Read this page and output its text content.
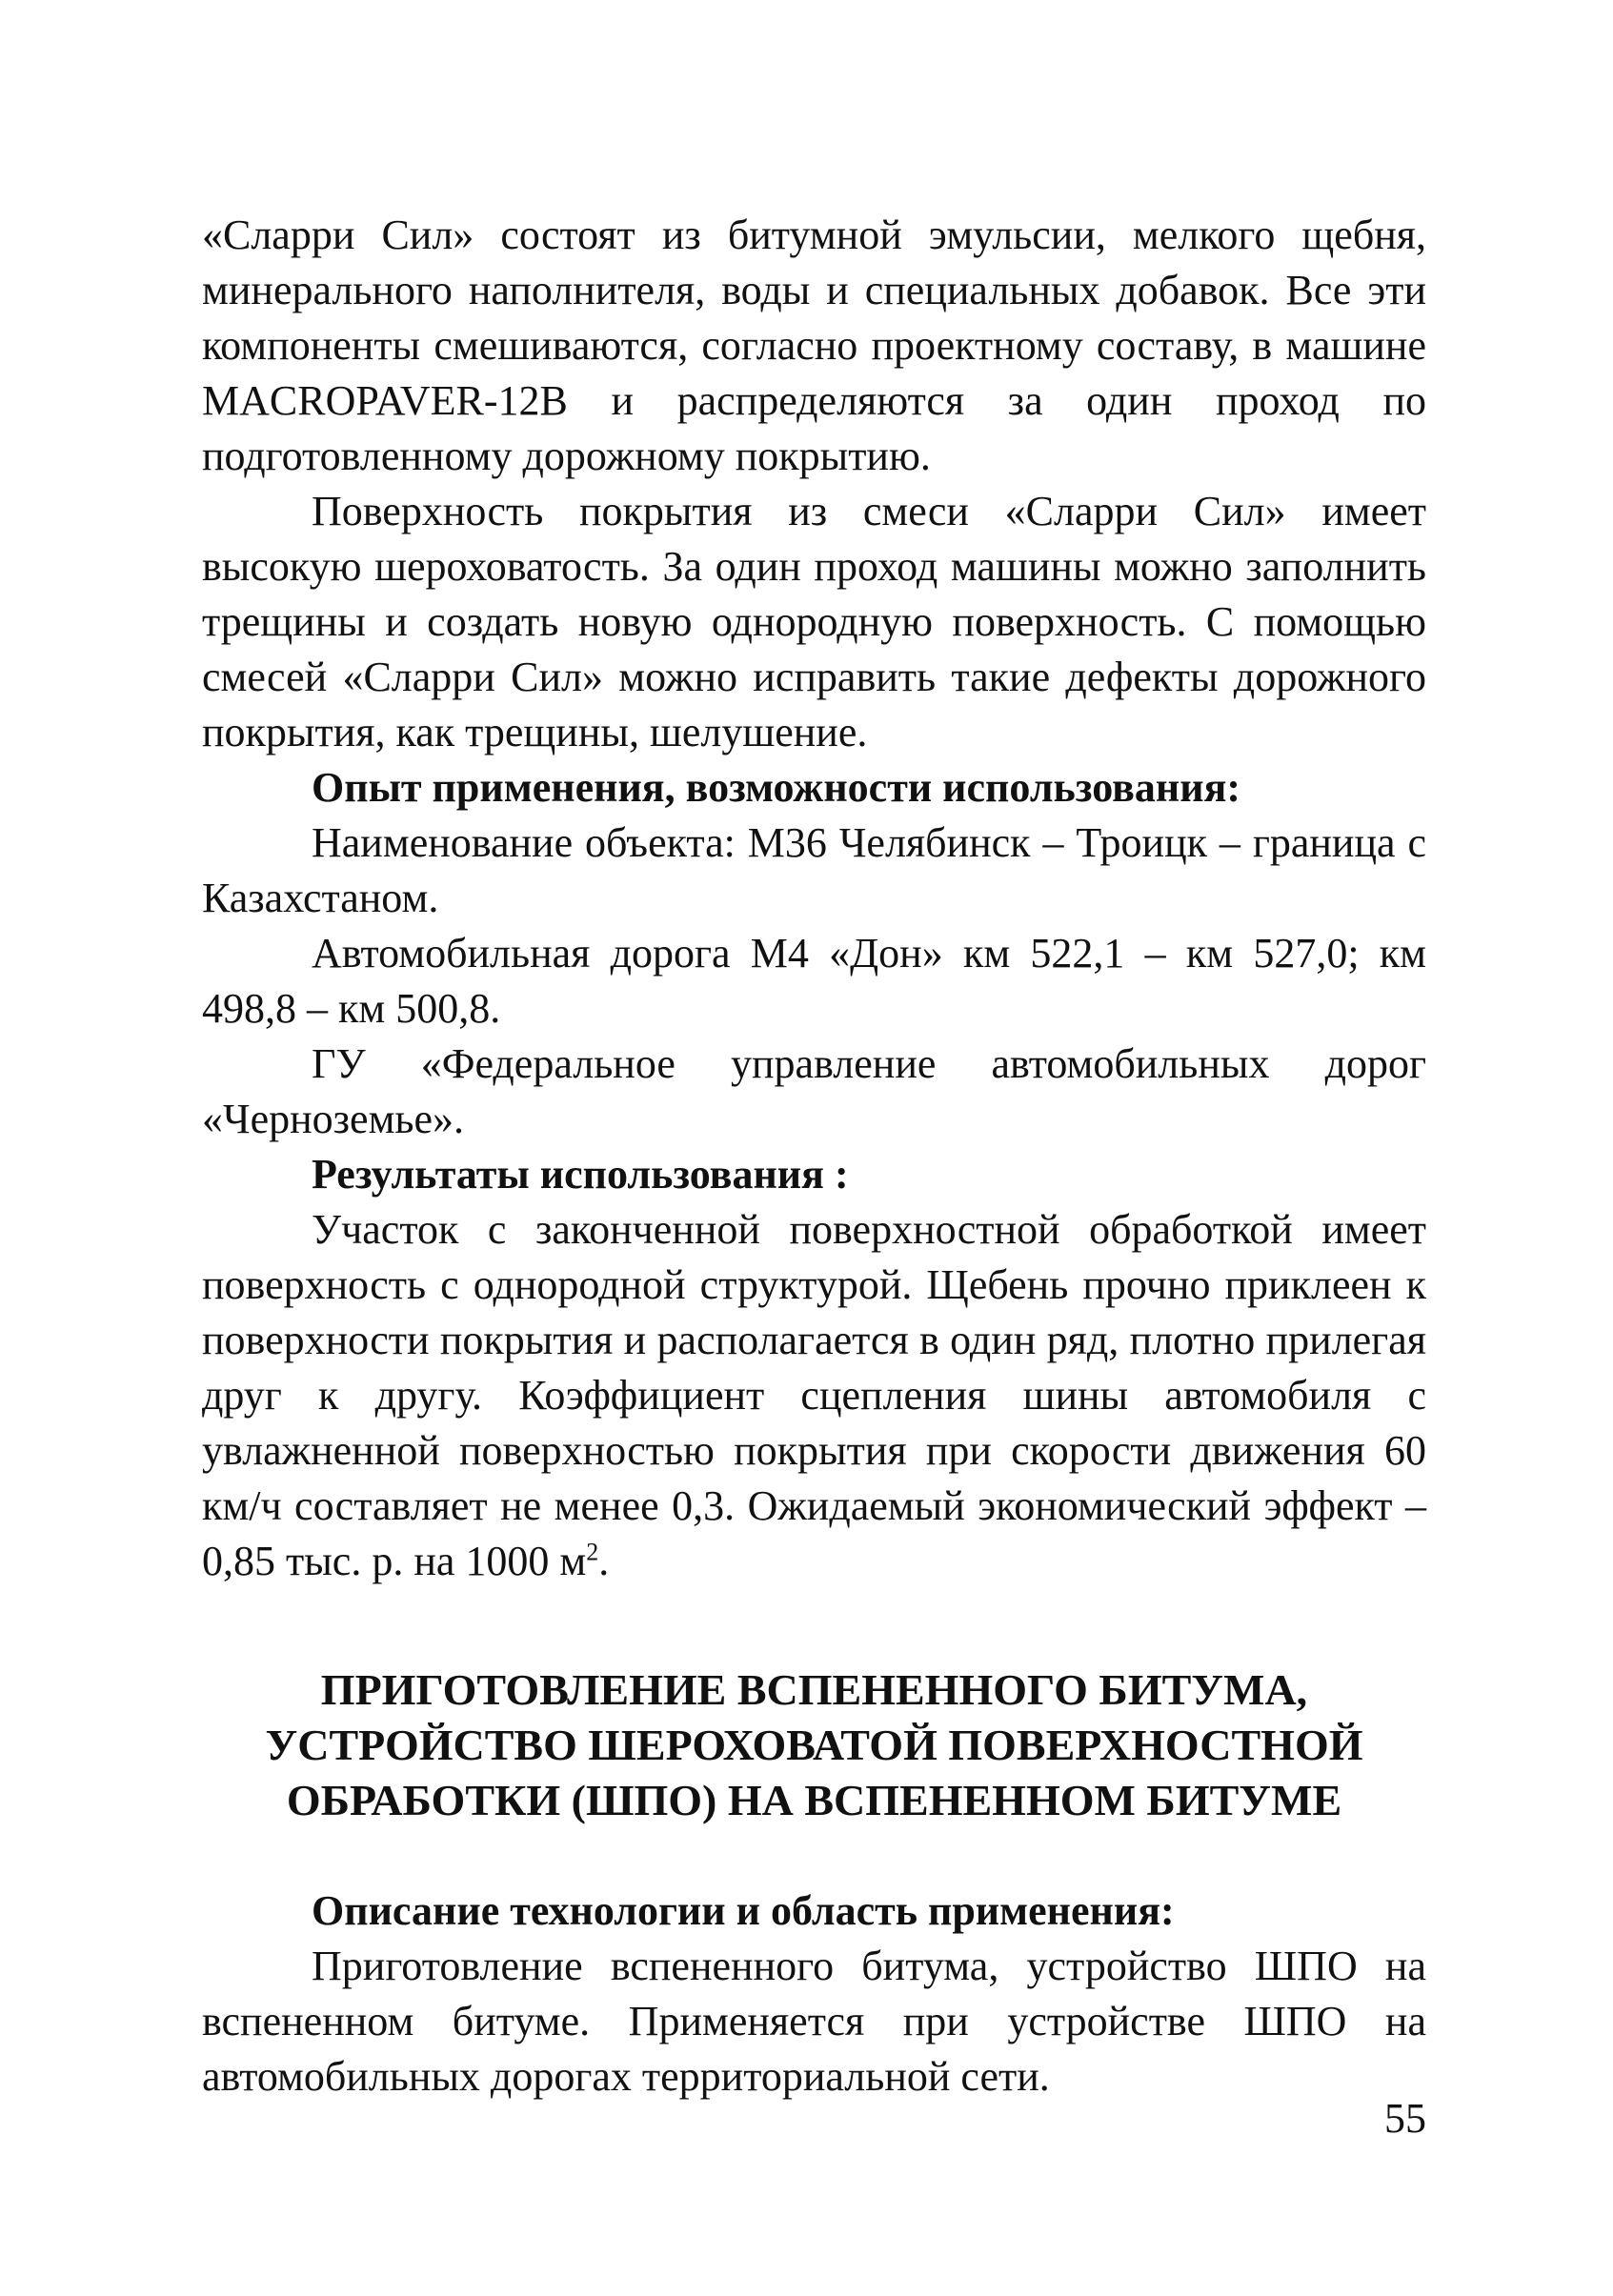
«Сларри Сил» состоят из битумной эмульсии, мелкого щебня, минерального наполнителя, воды и специальных добавок. Все эти компоненты смешиваются, согласно проектному составу, в машине MACROPAVER-12B и распределяются за один проход по подготовленному дорожному покрытию.

Поверхность покрытия из смеси «Сларри Сил» имеет высокую шероховатость. За один проход машины можно заполнить трещины и создать новую однородную поверхность. С помощью смесей «Сларри Сил» можно исправить такие дефекты дорожного покрытия, как трещины, шелушение.

Опыт применения, возможности использования:

Наименование объекта: М36 Челябинск – Троицк – граница с Казахстаном.

Автомобильная дорога М4 «Дон» км 522,1 – км 527,0; км 498,8 – км 500,8.

ГУ «Федеральное управление автомобильных дорог «Черноземье».

Результаты использования :

Участок с законченной поверхностной обработкой имеет поверхность с однородной структурой. Щебень прочно приклеен к поверхности покрытия и располагается в один ряд, плотно прилегая друг к другу. Коэффициент сцепления шины автомобиля с увлажненной поверхностью покрытия при скорости движения 60 км/ч составляет не менее 0,3. Ожидаемый экономический эффект – 0,85 тыс. р. на 1000 $м^2$.

ПРИГОТОВЛЕНИЕ ВСПЕНЕННОГО БИТУМА,
УСТРОЙСТВО ШЕРОХОВАТОЙ ПОВЕРХНОСТНОЙ
ОБРАБОТКИ (ШПО) НА ВСПЕНЕННОМ БИТУМЕ

Описание технологии и область применения:

Приготовление вспененного битума, устройство ШПО на вспененном битуме. Применяется при устройстве ШПО на автомобильных дорогах территориальной сети.

55
